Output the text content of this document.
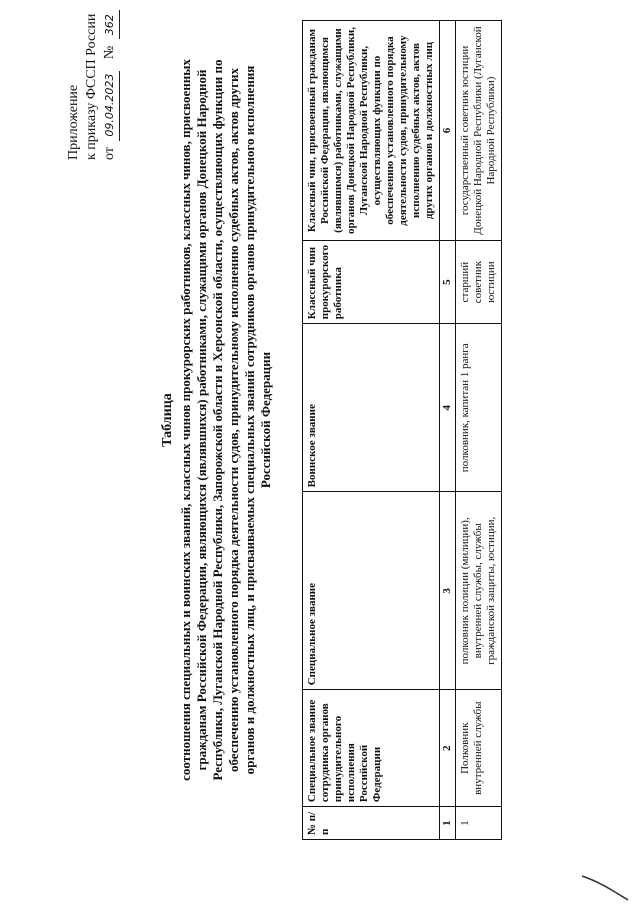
Приложение к приказу ФССП России от 09.04.2023 № 362
Таблица соотношения специальных и воинских званий, классных чинов прокурорских работников, классных чинов, присвоенных гражданам Российской Федерации, являющихся (являвшихся) работниками, служащими органов Донецкой Народной Республики, Луганской Народной Республики, Запорожской области и Херсонской области, осуществляющих функции по обеспечению установленного порядка деятельности судов, принудительному исполнению судебных актов, актов других органов и должностных лиц, и присваиваемых специальных званий сотрудников органов принудительного исполнения Российской Федерации
№ п/п	Специальное звание сотрудника органов принудительного исполнения Российской Федерации	Специальное звание	Воинское звание	Классный чин прокурорского работника	Классный чин, присвоенный гражданам Российской Федерации, являющимся (являвшимся) работниками, служащими органов Донецкой Народной Республики, Луганской Народной Республики, осуществляющих функции по обеспечению установленного порядка деятельности судов, принудительному исполнению судебных актов, актов других органов и должностных лиц
1	2	3	4	5	6
1	Полковник внутренней службы	полковник полиции (милиции), внутренней службы, службы гражданской защиты, юстиции,	полковник, капитан 1 ранга	старший советник юстиции	государственный советник юстиции Донецкой Народной Республики (Луганской Народной Республики)
